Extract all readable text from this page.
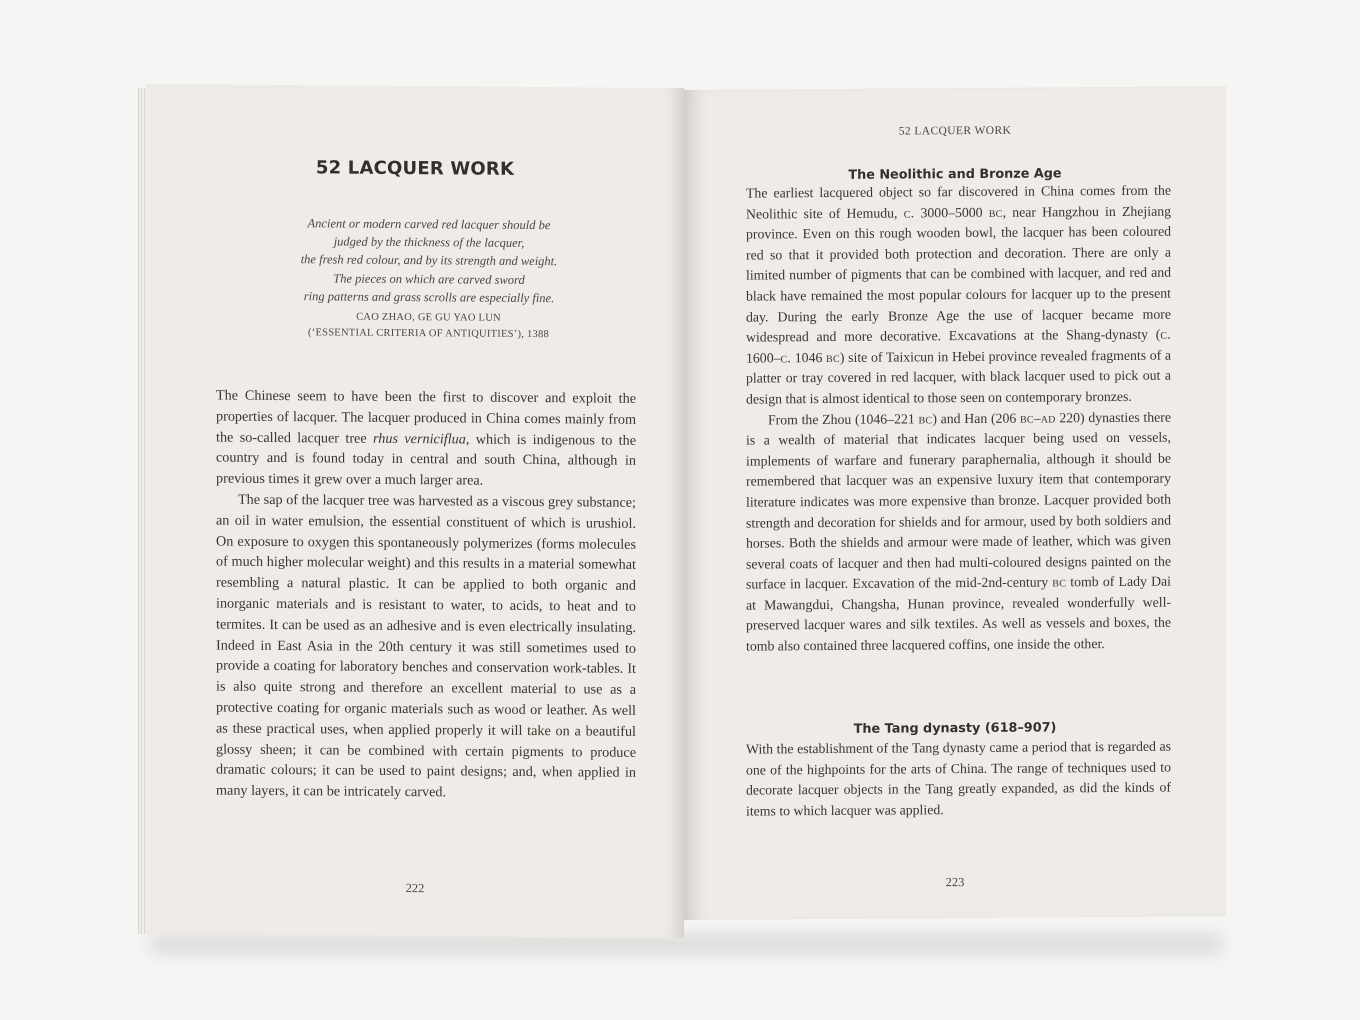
52 LACQUER WORK
Ancient or modern carved red lacquer should be
judged by the thickness of the lacquer,
the fresh red colour, and by its strength and weight.
The pieces on which are carved sword
ring patterns and grass scrolls are especially fine.
CAO ZHAO, GE GU YAO LUN
(‘ESSENTIAL CRITERIA OF ANTIQUITIES’), 1388

The Chinese seem to have been the first to discover and exploit the properties of lacquer. The lacquer produced in China comes mainly from the so-called lacquer tree rhus verniciflua, which is indigenous to the country and is found today in central and south China, although in previous times it grew over a much larger area.

The sap of the lacquer tree was harvested as a viscous grey substance; an oil in water emulsion, the essential constituent of which is urushiol. On exposure to oxygen this spontaneously polymerizes (forms molecules of much higher molecular weight) and this results in a material somewhat resembling a natural plastic. It can be applied to both organic and inorganic materials and is resistant to water, to acids, to heat and to termites. It can be used as an adhesive and is even electrically insulating. Indeed in East Asia in the 20th century it was still sometimes used to provide a coating for laboratory benches and conservation work-tables. It is also quite strong and therefore an excellent material to use as a protective coating for organic materials such as wood or leather. As well as these practical uses, when applied properly it will take on a beautiful glossy sheen; it can be combined with certain pigments to produce dramatic colours; it can be used to paint designs; and, when applied in many layers, it can be intricately carved.

222
52 LACQUER WORK
The Neolithic and Bronze Age

The earliest lacquered object so far discovered in China comes from the Neolithic site of Hemudu, c. 3000–5000 bc, near Hangzhou in Zhejiang province. Even on this rough wooden bowl, the lacquer has been coloured red so that it provided both protection and decoration. There are only a limited number of pigments that can be combined with lacquer, and red and black have remained the most popular colours for lacquer up to the present day. During the early Bronze Age the use of lacquer became more widespread and more decorative. Excavations at the Shang-dynasty (c. 1600–c. 1046 bc) site of Taixicun in Hebei province revealed fragments of a platter or tray covered in red lacquer, with black lacquer used to pick out a design that is almost identical to those seen on contemporary bronzes.

From the Zhou (1046–221 bc) and Han (206 bc–ad 220) dynasties there is a wealth of material that indicates lacquer being used on vessels, implements of warfare and funerary paraphernalia, although it should be remembered that lacquer was an expensive luxury item that contemporary literature indicates was more expensive than bronze. Lacquer provided both strength and decoration for shields and for armour, used by both soldiers and horses. Both the shields and armour were made of leather, which was given several coats of lacquer and then had multi-coloured designs painted on the surface in lacquer. Excavation of the mid-2nd-century bc tomb of Lady Dai at Mawangdui, Changsha, Hunan province, revealed wonderfully well-preserved lacquer wares and silk textiles. As well as vessels and boxes, the tomb also contained three lacquered coffins, one inside the other.

The Tang dynasty (618–907)

With the establishment of the Tang dynasty came a period that is regarded as one of the highpoints for the arts of China. The range of techniques used to decorate lacquer objects in the Tang greatly expanded, as did the kinds of items to which lacquer was applied.

223
